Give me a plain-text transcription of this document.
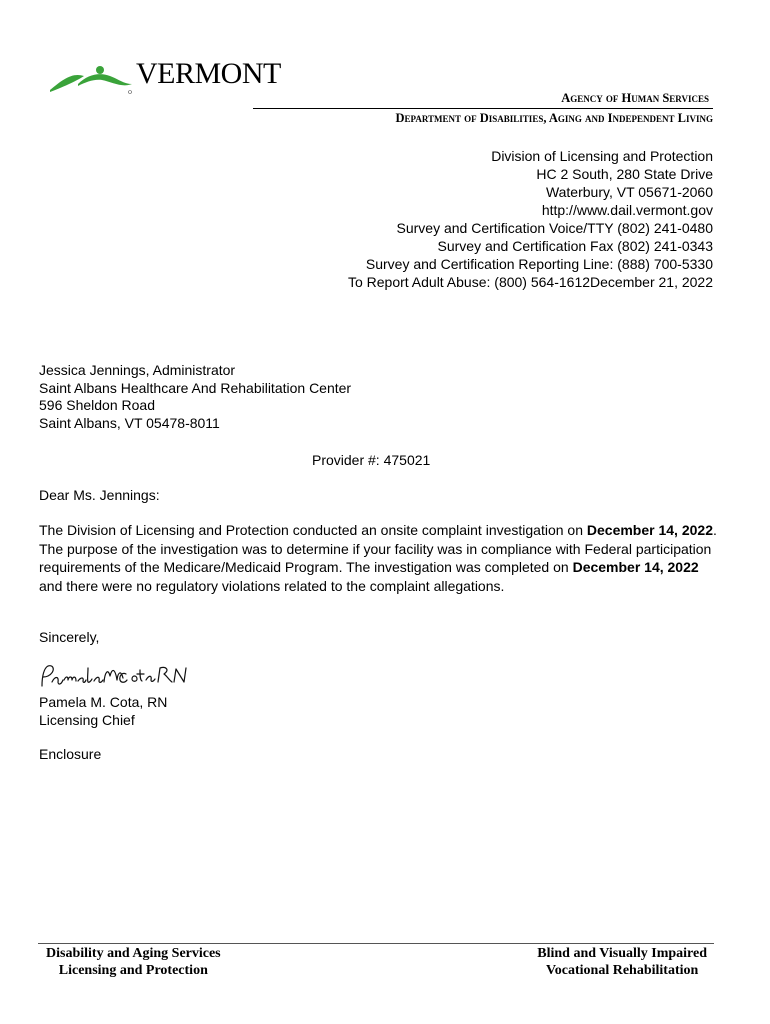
VERMONT
Agency of Human Services
Department of Disabilities, Aging and Independent Living
Division of Licensing and Protection
HC 2 South, 280 State Drive
Waterbury, VT 05671-2060
http://www.dail.vermont.gov
Survey and Certification Voice/TTY (802) 241-0480
Survey and Certification Fax (802) 241-0343
Survey and Certification Reporting Line: (888) 700-5330
To Report Adult Abuse: (800) 564-1612December 21, 2022
Jessica Jennings, Administrator
Saint Albans Healthcare And Rehabilitation Center
596 Sheldon Road
Saint Albans, VT 05478-8011
Provider #: 475021
Dear Ms. Jennings:
The Division of Licensing and Protection conducted an onsite complaint investigation on December 14, 2022. The purpose of the investigation was to determine if your facility was in compliance with Federal participation requirements of the Medicare/Medicaid Program. The investigation was completed on December 14, 2022 and there were no regulatory violations related to the complaint allegations.
Sincerely,
Pamela M. Cota, RN
Licensing Chief
Enclosure
Disability and Aging Services
Licensing and Protection
Blind and Visually Impaired
Vocational Rehabilitation
